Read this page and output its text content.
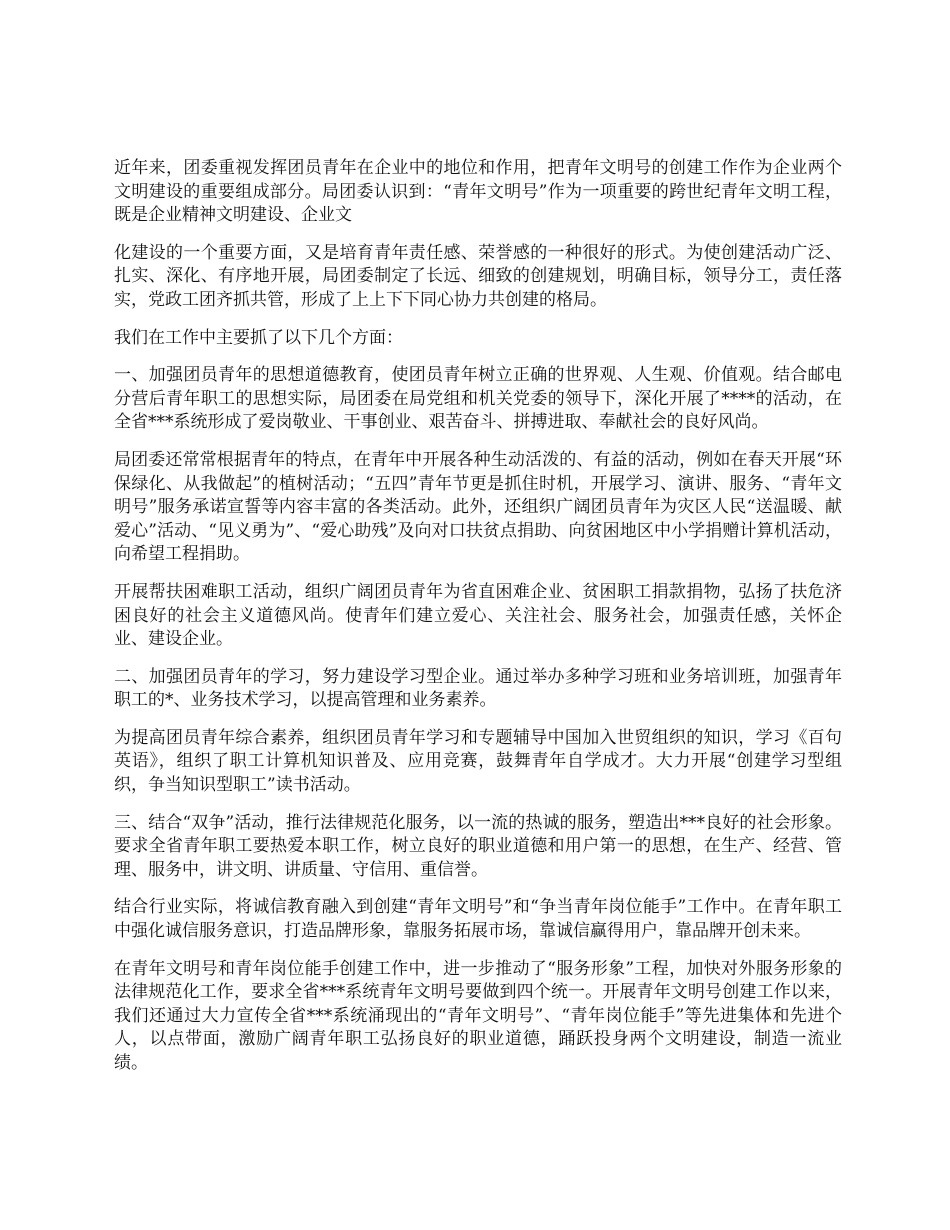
近年来，团委重视发挥团员青年在企业中的地位和作用，把青年文明号的创建工作作为企业两个文明建设的重要组成部分。局团委认识到：“青年文明号”作为一项重要的跨世纪青年文明工程，既是企业精神文明建设、企业文

化建设的一个重要方面，又是培育青年责任感、荣誉感的一种很好的形式。为使创建活动广泛、扎实、深化、有序地开展，局团委制定了长远、细致的创建规划，明确目标，领导分工，责任落实，党政工团齐抓共管，形成了上上下下同心协力共创建的格局。

我们在工作中主要抓了以下几个方面：

一、加强团员青年的思想道德教育，使团员青年树立正确的世界观、人生观、价值观。结合邮电分营后青年职工的思想实际，局团委在局党组和机关党委的领导下，深化开展了****的活动，在全省***系统形成了爱岗敬业、干事创业、艰苦奋斗、拼搏进取、奉献社会的良好风尚。

局团委还常常根据青年的特点，在青年中开展各种生动活泼的、有益的活动，例如在春天开展“环保绿化、从我做起”的植树活动；“五四”青年节更是抓住时机，开展学习、演讲、服务、“青年文明号”服务承诺宣誓等内容丰富的各类活动。此外，还组织广阔团员青年为灾区人民“送温暖、献爱心”活动、“见义勇为”、“爱心助残”及向对口扶贫点捐助、向贫困地区中小学捐赠计算机活动，向希望工程捐助。

开展帮扶困难职工活动，组织广阔团员青年为省直困难企业、贫困职工捐款捐物，弘扬了扶危济困良好的社会主义道德风尚。使青年们建立爱心、关注社会、服务社会，加强责任感，关怀企业、建设企业。

二、加强团员青年的学习，努力建设学习型企业。通过举办多种学习班和业务培训班，加强青年职工的*、业务技术学习，以提高管理和业务素养。

为提高团员青年综合素养，组织团员青年学习和专题辅导中国加入世贸组织的知识，学习《百句英语》，组织了职工计算机知识普及、应用竞赛，鼓舞青年自学成才。大力开展“创建学习型组织，争当知识型职工”读书活动。

三、结合“双争”活动，推行法律规范化服务，以一流的热诚的服务，塑造出***良好的社会形象。要求全省青年职工要热爱本职工作，树立良好的职业道德和用户第一的思想，在生产、经营、管理、服务中，讲文明、讲质量、守信用、重信誉。

结合行业实际，将诚信教育融入到创建“青年文明号”和“争当青年岗位能手”工作中。在青年职工中强化诚信服务意识，打造品牌形象，靠服务拓展市场，靠诚信赢得用户，靠品牌开创未来。

在青年文明号和青年岗位能手创建工作中，进一步推动了“服务形象”工程，加快对外服务形象的法律规范化工作，要求全省***系统青年文明号要做到四个统一。开展青年文明号创建工作以来，我们还通过大力宣传全省***系统涌现出的“青年文明号”、“青年岗位能手”等先进集体和先进个人，以点带面，激励广阔青年职工弘扬良好的职业道德，踊跃投身两个文明建设，制造一流业绩。
